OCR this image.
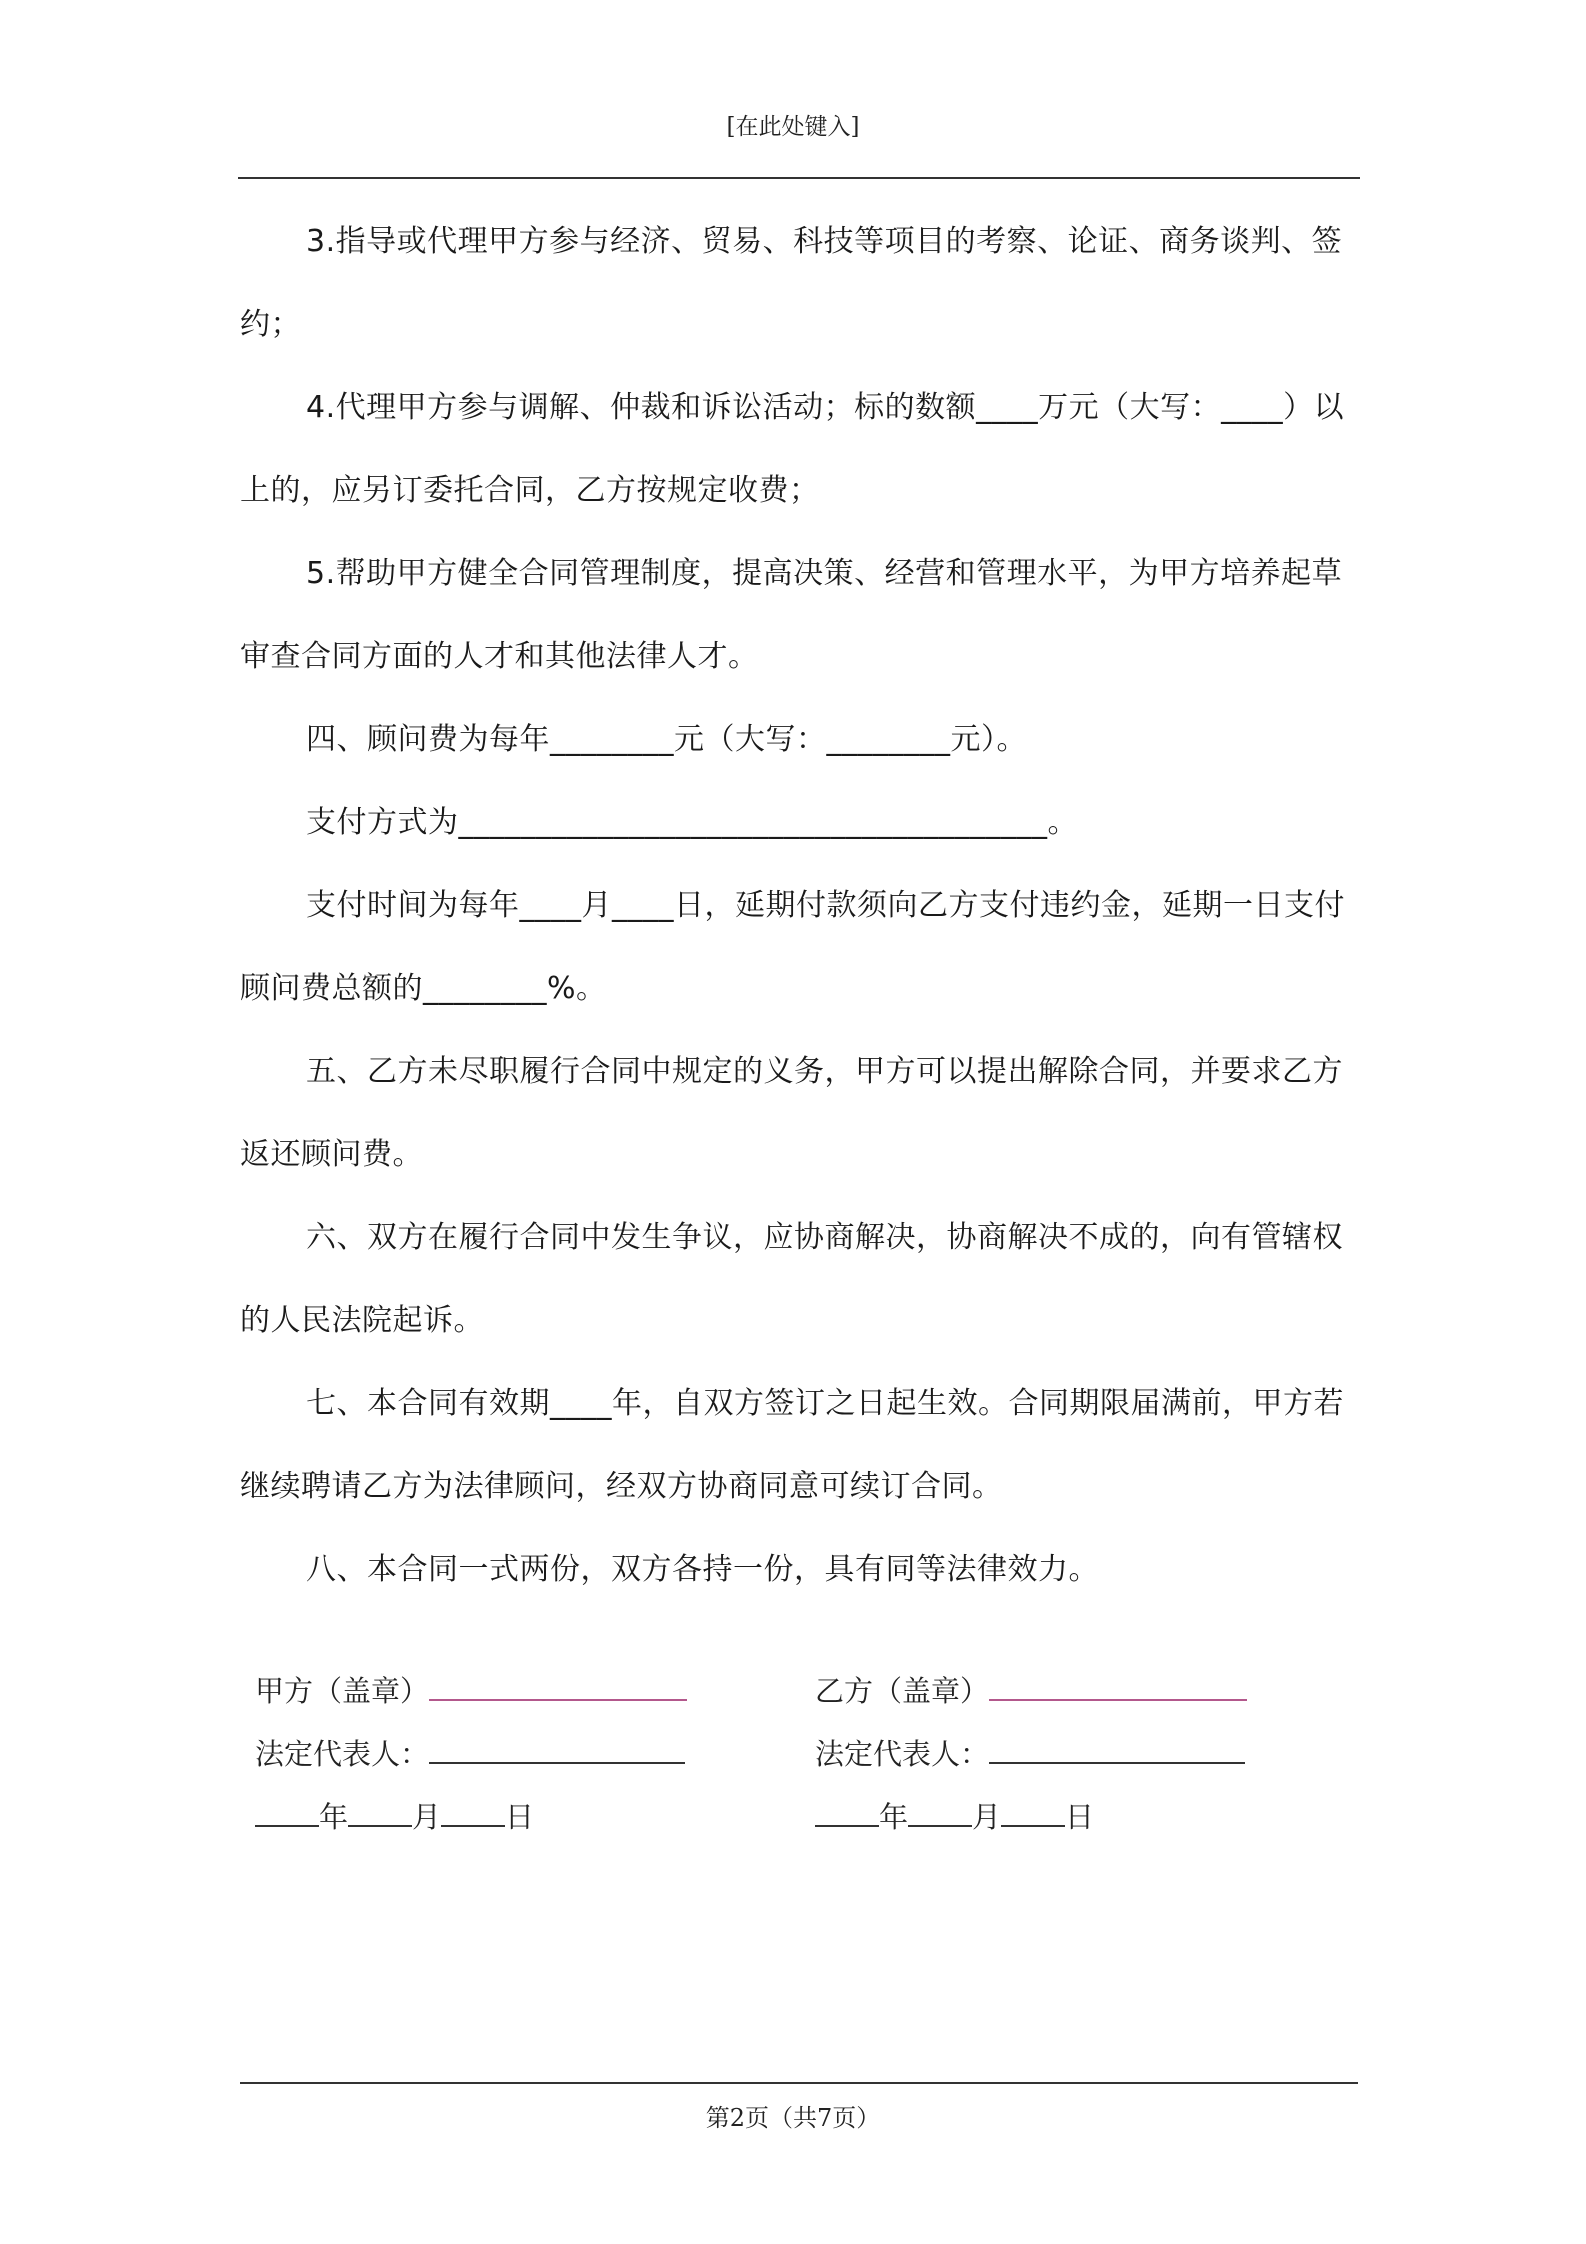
[在此处键入]

3.指导或代理甲方参与经济、贸易、科技等项目的考察、论证、商务谈判、签约；

4.代理甲方参与调解、仲裁和诉讼活动；标的数额____万元（大写：____）以上的，应另订委托合同，乙方按规定收费；

5.帮助甲方健全合同管理制度，提高决策、经营和管理水平，为甲方培养起草审查合同方面的人才和其他法律人才。

四、顾问费为每年________元（大写：________元）。

支付方式为______________________________________。

支付时间为每年____月____日，延期付款须向乙方支付违约金，延期一日支付顾问费总额的________%。

五、乙方未尽职履行合同中规定的义务，甲方可以提出解除合同，并要求乙方返还顾问费。

六、双方在履行合同中发生争议，应协商解决，协商解决不成的，向有管辖权的人民法院起诉。

七、本合同有效期____年，自双方签订之日起生效。合同期限届满前，甲方若继续聘请乙方为法律顾问，经双方协商同意可续订合同。

八、本合同一式两份，双方各持一份，具有同等法律效力。

甲方（盖章）
法定代表人：
年 月 日
乙方（盖章）
法定代表人：
年 月 日
第2页（共7页）
